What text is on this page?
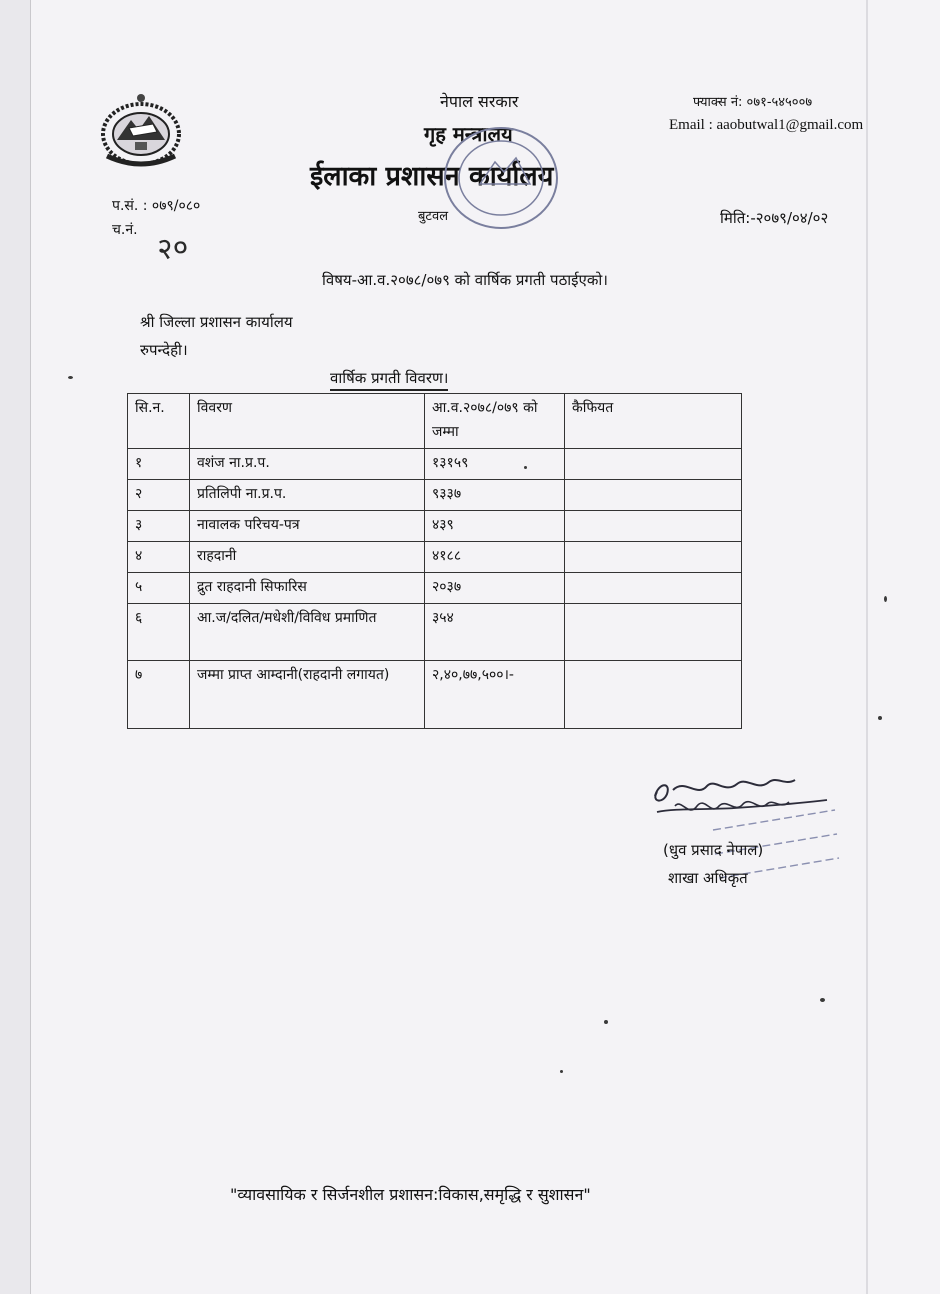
नेपाल सरकार
गृह मन्त्रालय
ईलाका प्रशासन कार्यालय
बुटवल
फ्याक्स नं: ०७१-५४५००७
Email : aaobutwal1@gmail.com
प.सं. : ०७९/०८०
च.नं. २०
मिति:-२०७९/०४/०२
विषय-आ.व.२०७८/०७९ को वार्षिक प्रगती पठाईएको।
श्री जिल्ला प्रशासन कार्यालय
रुपन्देही।
वार्षिक प्रगती विवरण।
सि.न.	विवरण	आ.व.२०७८/०७९ को जम्मा	कैफियत
१	वशंज ना.प्र.प.	१३१५९	
२	प्रतिलिपी ना.प्र.प.	९३३७	
३	नावालक परिचय-पत्र	४३९	
४	राहदानी	४१८८	
५	द्रुत राहदानी सिफारिस	२०३७	
६	आ.ज/दलित/मधेशी/विविध प्रमाणित	३५४	
७	जम्मा प्राप्त आम्दानी(राहदानी लगायत)	२,४०,७७,५००।-	
(धुव प्रसाद नेपाल)
शाखा अधिकृत
"व्यावसायिक र सिर्जनशील प्रशासन:विकास,समृद्धि र सुशासन"
